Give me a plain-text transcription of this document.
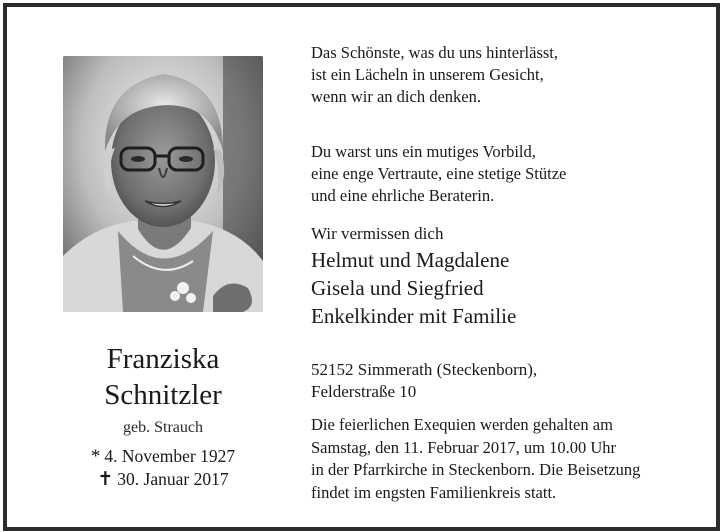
Franziska
Schnitzler
geb. Strauch
* 4. November 1927
✝ 30. Januar 2017
Das Schönste, was du uns hinterlässt,
ist ein Lächeln in unserem Gesicht,
wenn wir an dich denken.
Du warst uns ein mutiges Vorbild,
eine enge Vertraute, eine stetige Stütze
und eine ehrliche Beraterin.
Wir vermissen dich
Helmut und Magdalene
Gisela und Siegfried
Enkelkinder mit Familie
52152 Simmerath (Steckenborn),
Felderstraße 10
Die feierlichen Exequien werden gehalten am
Samstag, den 11. Februar 2017, um 10.00 Uhr
in der Pfarrkirche in Steckenborn. Die Beisetzung
findet im engsten Familienkreis statt.
